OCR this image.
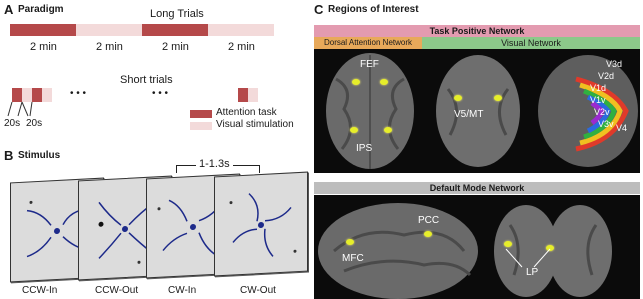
A Paradigm	Long Trials
2 min	2 min	2 min	2 min
Short trials
• • •	• • •
20s 20s
Attention task
Visual stimulation
B Stimulus
1-1.3s
CCW-In	CCW-Out	CW-In	CW-Out
C Regions of Interest
Task Positive Network
Dorsal Attention Network	Visual Network
FEF
IPS
V5/MT
V3d
V2d
V1d
V1v
V2v
V3v V4
Default Mode Network
MFC
PCC
LP
